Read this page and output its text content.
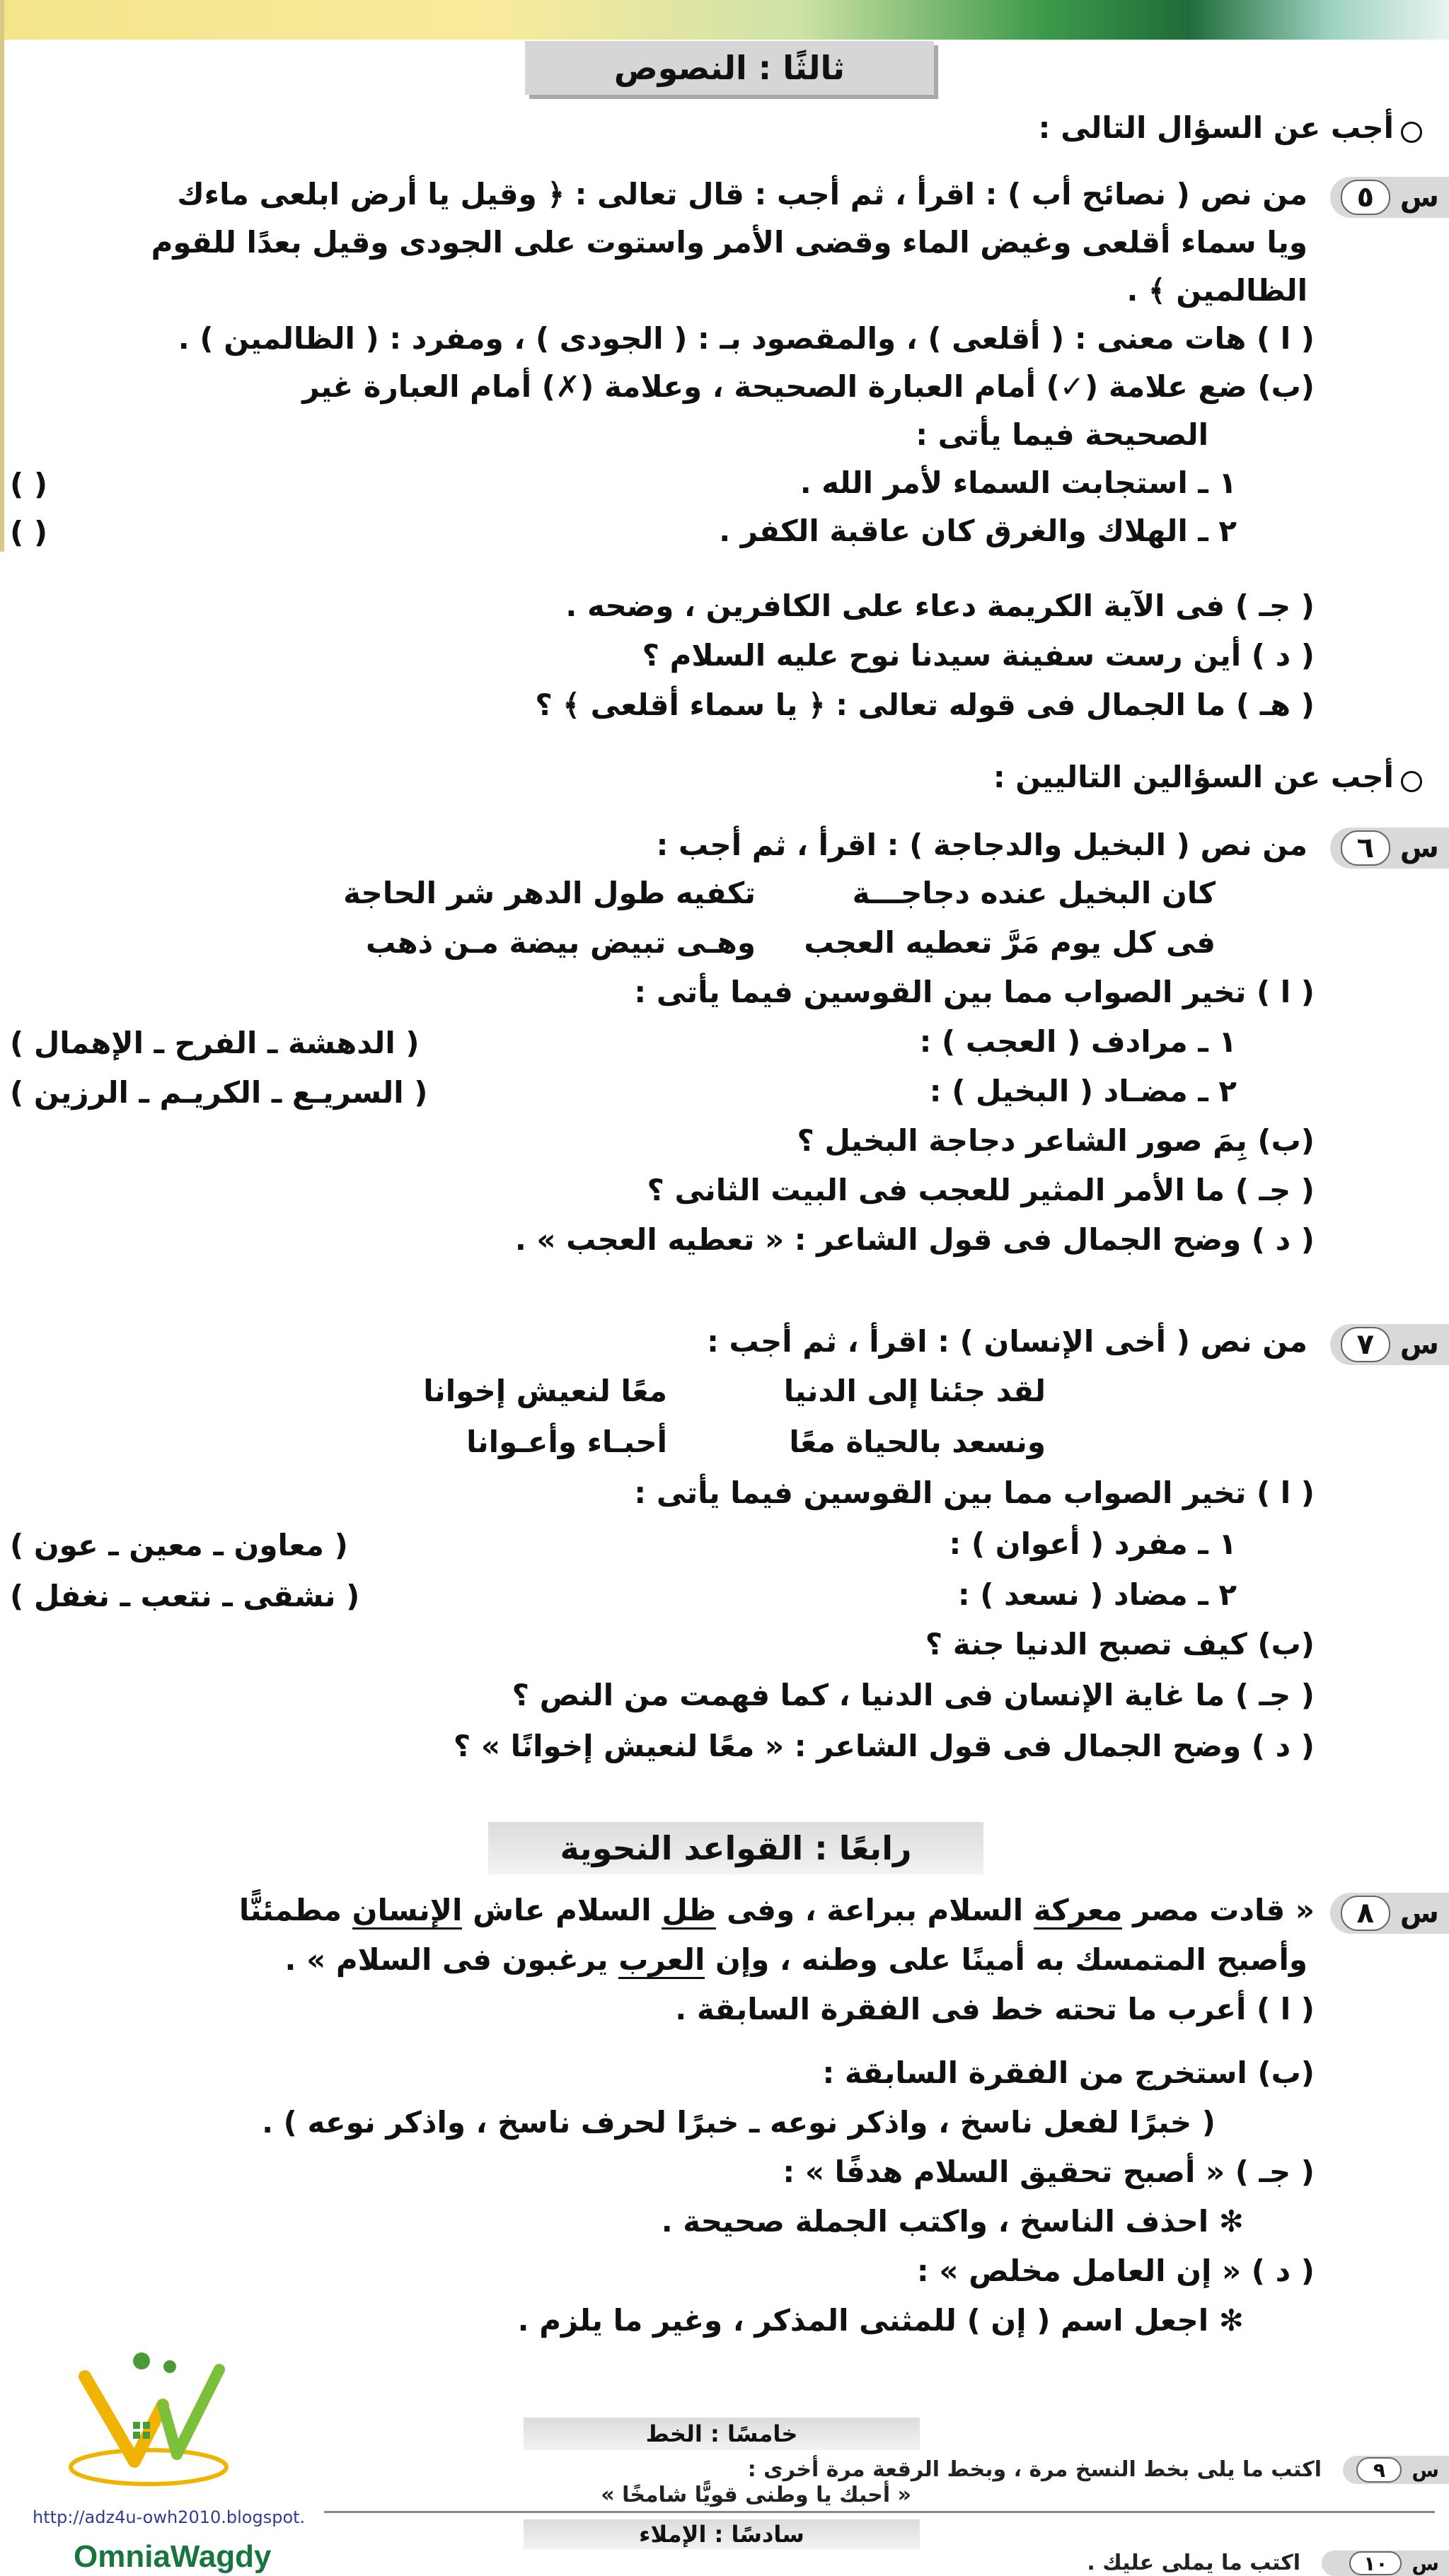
ثالثًا : النصوص
أجب عن السؤال التالى :
س
٥
من نص ( نصائح أب ) : اقرأ ، ثم أجب : قال تعالى : ﴿ وقيل يا أرض ابلعى ماءك
ويا سماء أقلعى وغيض الماء وقضى الأمر واستوت على الجودى وقيل بعدًا للقوم
الظالمين ﴾ .
( ا ) هات معنى : ( أقلعى ) ، والمقصود بـ : ( الجودى ) ، ومفرد : ( الظالمين ) .
(ب) ضع علامة (✓) أمام العبارة الصحيحة ، وعلامة (✗) أمام العبارة غير
الصحيحة فيما يأتى :
١ ـ استجابت السماء لأمر الله .
( )
٢ ـ الهلاك والغرق كان عاقبة الكفر .
( )
( جـ ) فى الآية الكريمة دعاء على الكافرين ، وضحه .
( د ) أين رست سفينة سيدنا نوح عليه السلام ؟
( هـ ) ما الجمال فى قوله تعالى : ﴿ يا سماء أقلعى ﴾ ؟
أجب عن السؤالين التاليين :
س
٦
من نص ( البخيل والدجاجة ) : اقرأ ، ثم أجب :
كان البخيل عنده دجاجـــة
تكفيه طول الدهر شر الحاجة
فى كل يوم مَرَّ تعطيه العجب
وهـى تبيض بيضة مـن ذهب
( ا ) تخير الصواب مما بين القوسين فيما يأتى :
١ ـ مرادف ( العجب ) :
( الدهشة ـ الفرح ـ الإهمال )
٢ ـ مضـاد ( البخيل ) :
( السريـع ـ الكريـم ـ الرزين )
(ب) بِمَ صور الشاعر دجاجة البخيل ؟
( جـ ) ما الأمر المثير للعجب فى البيت الثانى ؟
( د ) وضح الجمال فى قول الشاعر : « تعطيه العجب » .
س
٧
من نص ( أخى الإنسان ) : اقرأ ، ثم أجب :
لقد جئنا إلى الدنيا
معًا لنعيش إخوانا
ونسعد بالحياة معًا
أحبـاء وأعـوانا
( ا ) تخير الصواب مما بين القوسين فيما يأتى :
١ ـ مفرد ( أعوان ) :
( معاون ـ معين ـ عون )
٢ ـ مضاد ( نسعد ) :
( نشقى ـ نتعب ـ نغفل )
(ب) كيف تصبح الدنيا جنة ؟
( جـ ) ما غاية الإنسان فى الدنيا ، كما فهمت من النص ؟
( د ) وضح الجمال فى قول الشاعر : « معًا لنعيش إخوانًا » ؟
رابعًا : القواعد النحوية
س
٨
« قادت مصر معركة السلام ببراعة ، وفى ظل السلام عاش الإنسان مطمئنًّا
وأصبح المتمسك به أمينًا على وطنه ، وإن العرب يرغبون فى السلام » .
( ا ) أعرب ما تحته خط فى الفقرة السابقة .
(ب) استخرج من الفقرة السابقة :
( خبرًا لفعل ناسخ ، واذكر نوعه ـ خبرًا لحرف ناسخ ، واذكر نوعه ) .
( جـ ) « أصبح تحقيق السلام هدفًا » :
✻ احذف الناسخ ، واكتب الجملة صحيحة .
( د ) « إن العامل مخلص » :
✻ اجعل اسم ( إن ) للمثنى المذكر ، وغير ما يلزم .
http://adz4u-owh2010.blogspot.
OmniaWagdy
خامسًا : الخط
س
٩
اكتب ما يلى بخط النسخ مرة ، وبخط الرقعة مرة أخرى :
« أحبك يا وطنى قويًّا شامخًا »
سادسًا : الإملاء
س
١٠
اكتب ما يملى عليك .
